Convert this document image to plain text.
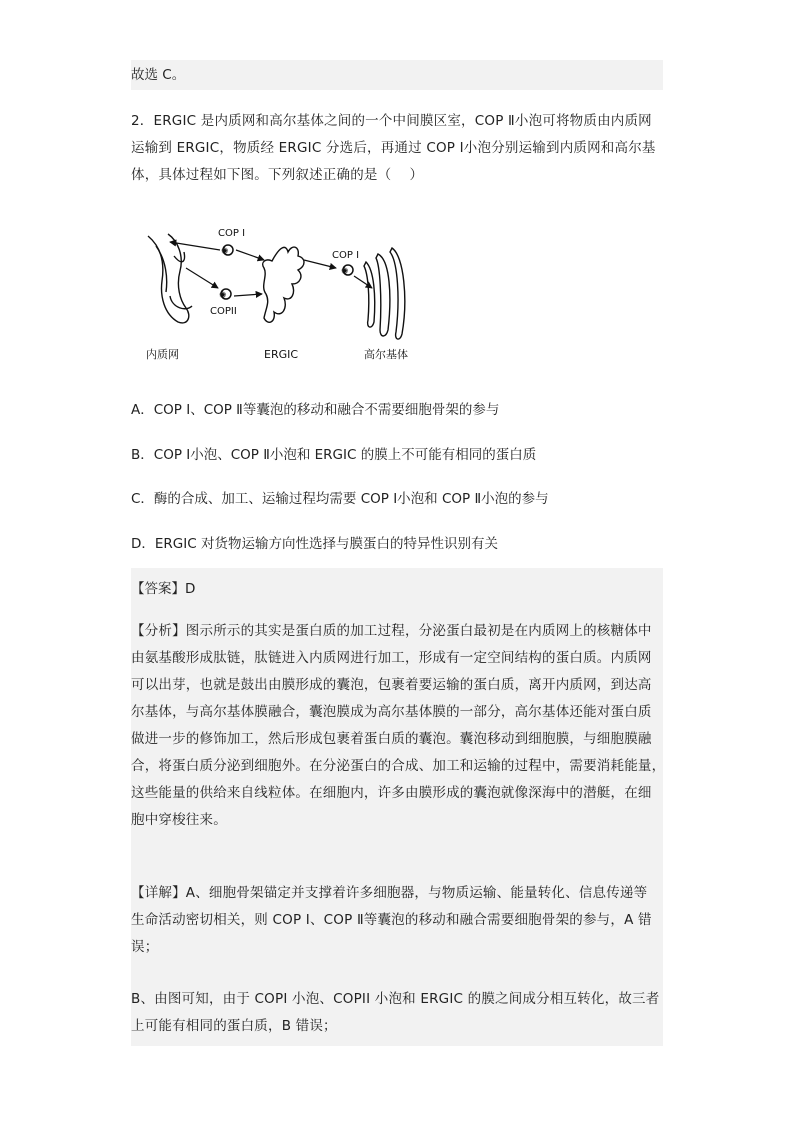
故选 C。
2．ERGIC 是内质网和高尔基体之间的一个中间膜区室，COP Ⅱ小泡可将物质由内质网
运输到 ERGIC，物质经 ERGIC 分选后，再通过 COP Ⅰ小泡分别运输到内质网和高尔基
体，具体过程如下图。下列叙述正确的是（　 ）
✺
✺
✺
COP Ⅰ
COPII
COP Ⅰ
内质网	ERGIC	高尔基体
A．COP Ⅰ、COP Ⅱ等囊泡的移动和融合不需要细胞骨架的参与
B．COP Ⅰ小泡、COP Ⅱ小泡和 ERGIC 的膜上不可能有相同的蛋白质
C．酶的合成、加工、运输过程均需要 COP Ⅰ小泡和 COP Ⅱ小泡的参与
D．ERGIC 对货物运输方向性选择与膜蛋白的特异性识别有关
【答案】D
【分析】图示所示的其实是蛋白质的加工过程，分泌蛋白最初是在内质网上的核糖体中
由氨基酸形成肽链，肽链进入内质网进行加工，形成有一定空间结构的蛋白质。内质网
可以出芽，也就是鼓出由膜形成的囊泡，包裹着要运输的蛋白质，离开内质网，到达高
尔基体，与高尔基体膜融合，囊泡膜成为高尔基体膜的一部分，高尔基体还能对蛋白质
做进一步的修饰加工，然后形成包裹着蛋白质的囊泡。囊泡移动到细胞膜，与细胞膜融
合，将蛋白质分泌到细胞外。在分泌蛋白的合成、加工和运输的过程中，需要消耗能量，
这些能量的供给来自线粒体。在细胞内，许多由膜形成的囊泡就像深海中的潜艇，在细
胞中穿梭往来。
【详解】A、细胞骨架锚定并支撑着许多细胞器，与物质运输、能量转化、信息传递等
生命活动密切相关，则 COP Ⅰ、COP Ⅱ等囊泡的移动和融合需要细胞骨架的参与，A 错
误；
B、由图可知，由于 COPI 小泡、COPII 小泡和 ERGIC 的膜之间成分相互转化，故三者
上可能有相同的蛋白质，B 错误；
